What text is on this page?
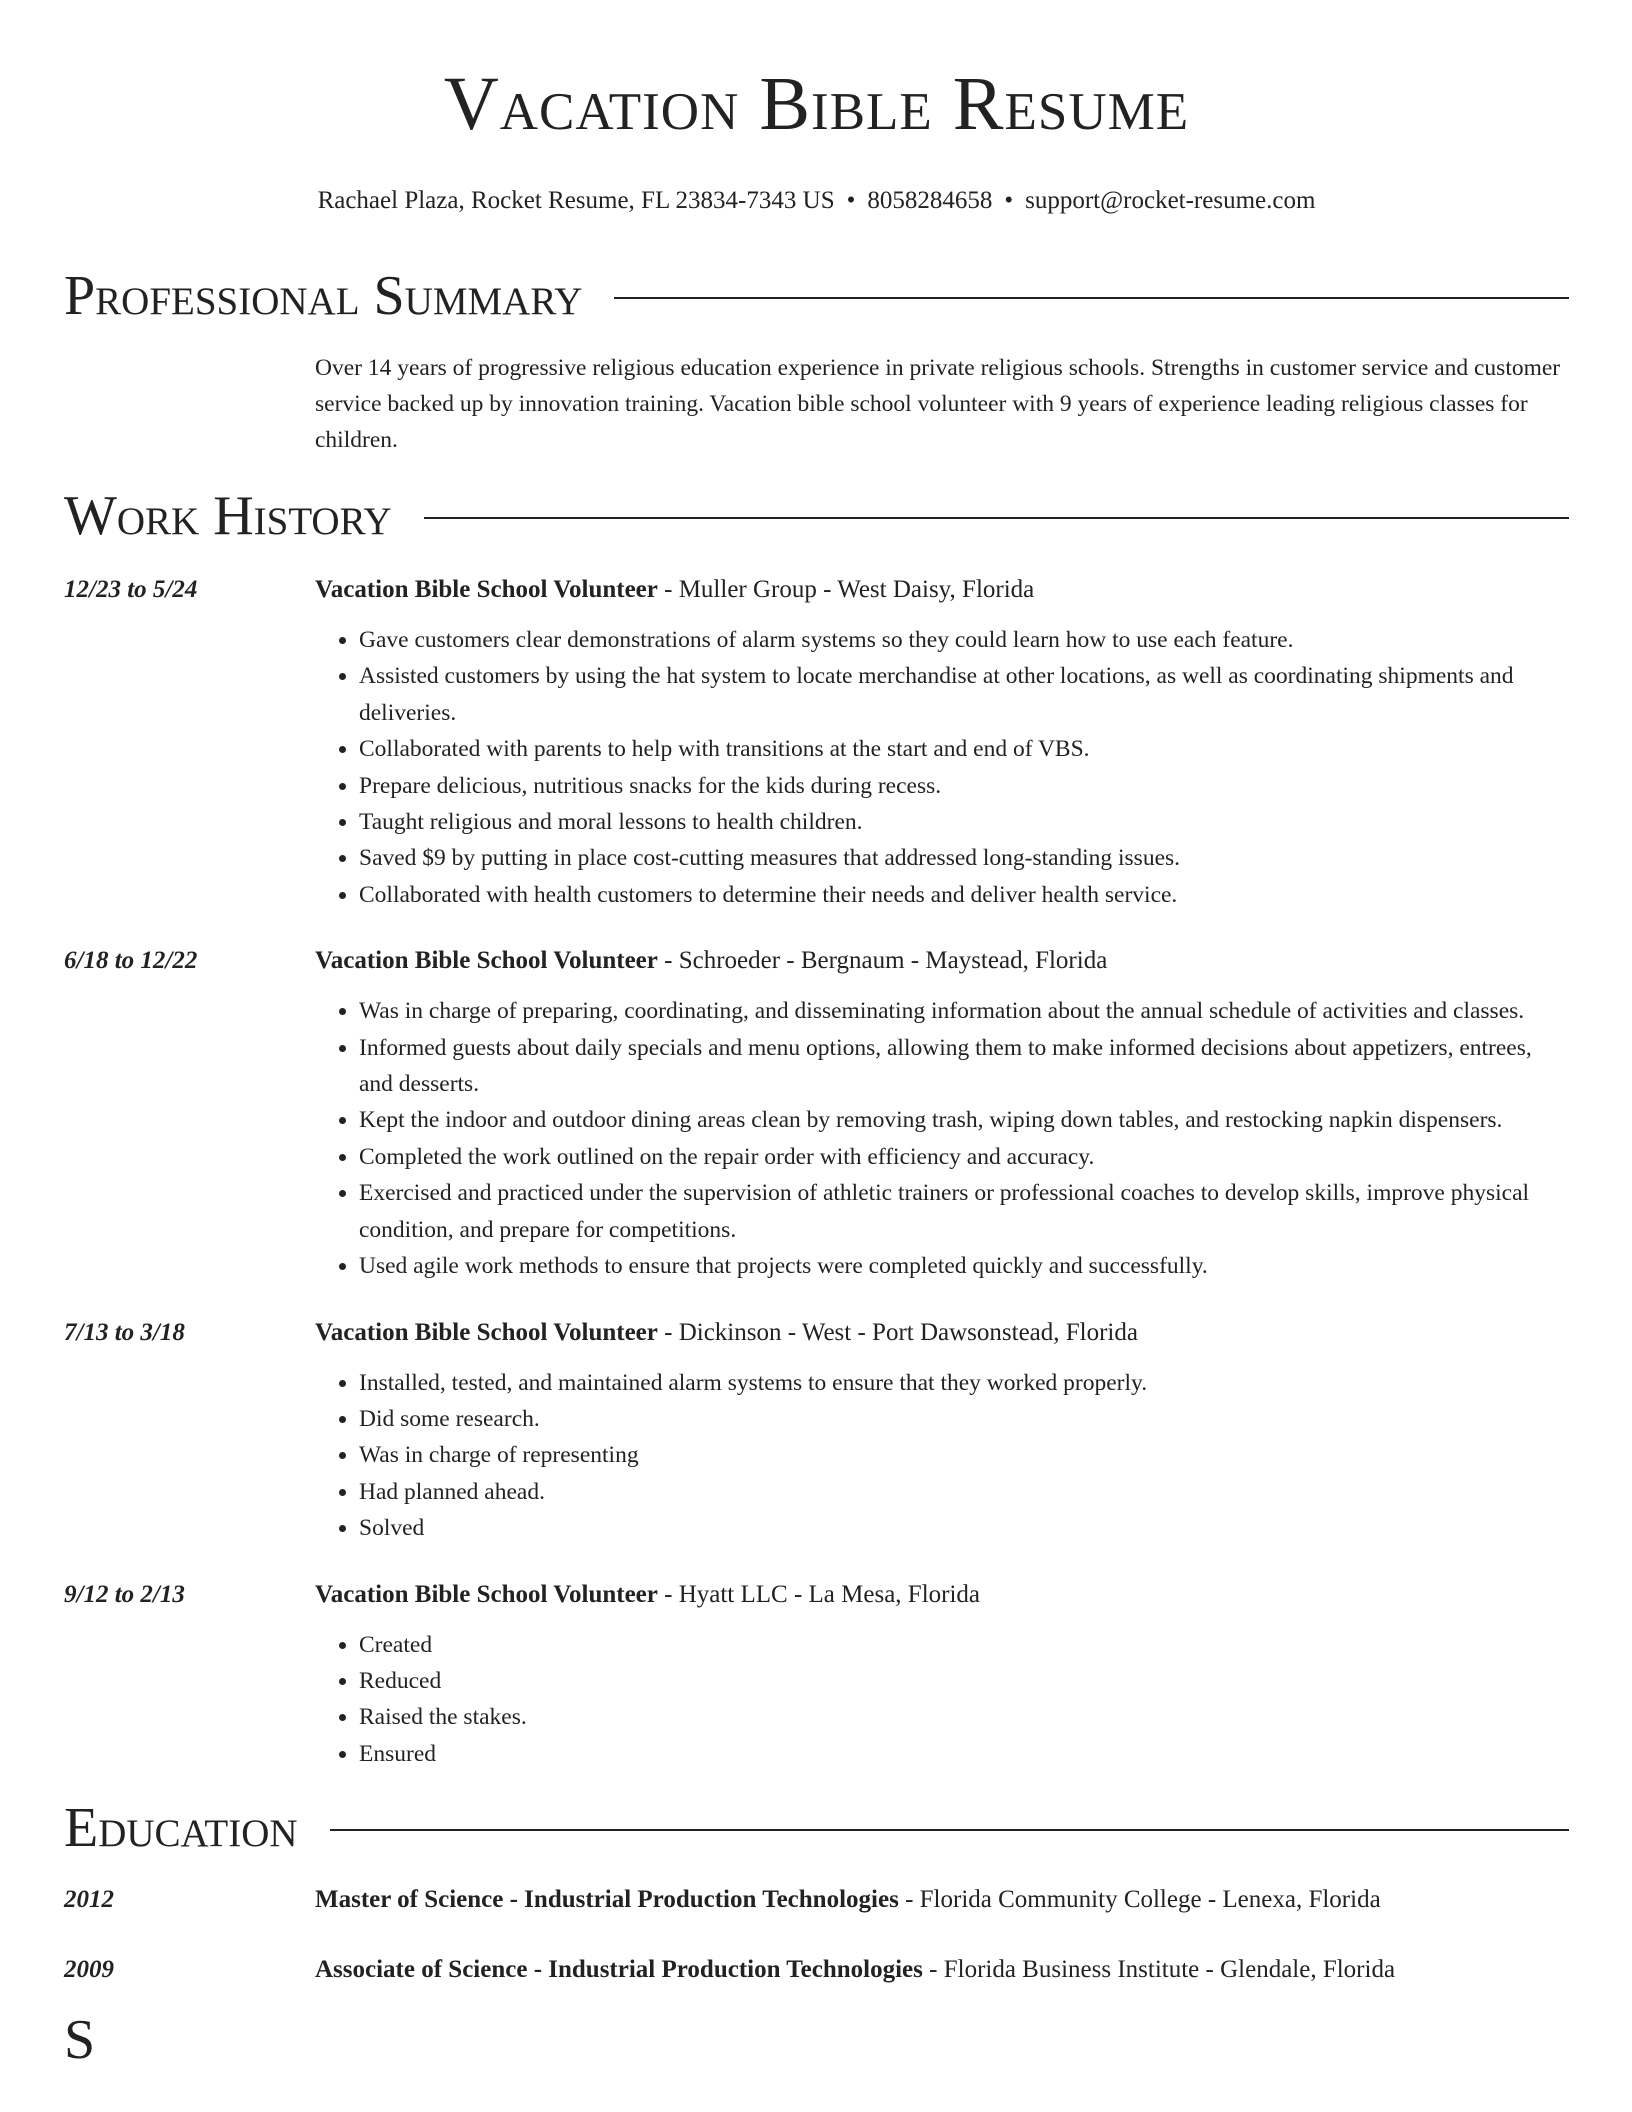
Vacation Bible Resume
Rachael Plaza, Rocket Resume, FL 23834-7343 US • 8058284658 • support@rocket-resume.com
Professional Summary

Over 14 years of progressive religious education experience in private religious schools. Strengths in customer service and customer service backed up by innovation training. Vacation bible school volunteer with 9 years of experience leading religious classes for children.

Work History
12/23 to 5/24	Vacation Bible School Volunteer - Muller Group - West Daisy, Florida
• Gave customers clear demonstrations of alarm systems so they could learn how to use each feature.
• Assisted customers by using the hat system to locate merchandise at other locations, as well as coordinating shipments and deliveries.
• Collaborated with parents to help with transitions at the start and end of VBS.
• Prepare delicious, nutritious snacks for the kids during recess.
• Taught religious and moral lessons to health children.
• Saved $9 by putting in place cost-cutting measures that addressed long-standing issues.
• Collaborated with health customers to determine their needs and deliver health service.
6/18 to 12/22	Vacation Bible School Volunteer - Schroeder - Bergnaum - Maystead, Florida
• Was in charge of preparing, coordinating, and disseminating information about the annual schedule of activities and classes.
• Informed guests about daily specials and menu options, allowing them to make informed decisions about appetizers, entrees, and desserts.
• Kept the indoor and outdoor dining areas clean by removing trash, wiping down tables, and restocking napkin dispensers.
• Completed the work outlined on the repair order with efficiency and accuracy.
• Exercised and practiced under the supervision of athletic trainers or professional coaches to develop skills, improve physical condition, and prepare for competitions.
• Used agile work methods to ensure that projects were completed quickly and successfully.
7/13 to 3/18	Vacation Bible School Volunteer - Dickinson - West - Port Dawsonstead, Florida
• Installed, tested, and maintained alarm systems to ensure that they worked properly.
• Did some research.
• Was in charge of representing
• Had planned ahead.
• Solved
9/12 to 2/13	Vacation Bible School Volunteer - Hyatt LLC - La Mesa, Florida
• Created
• Reduced
• Raised the stakes.
• Ensured
Education
2012	Master of Science - Industrial Production Technologies - Florida Community College - Lenexa, Florida
2009	Associate of Science - Industrial Production Technologies - Florida Business Institute - Glendale, Florida
S
